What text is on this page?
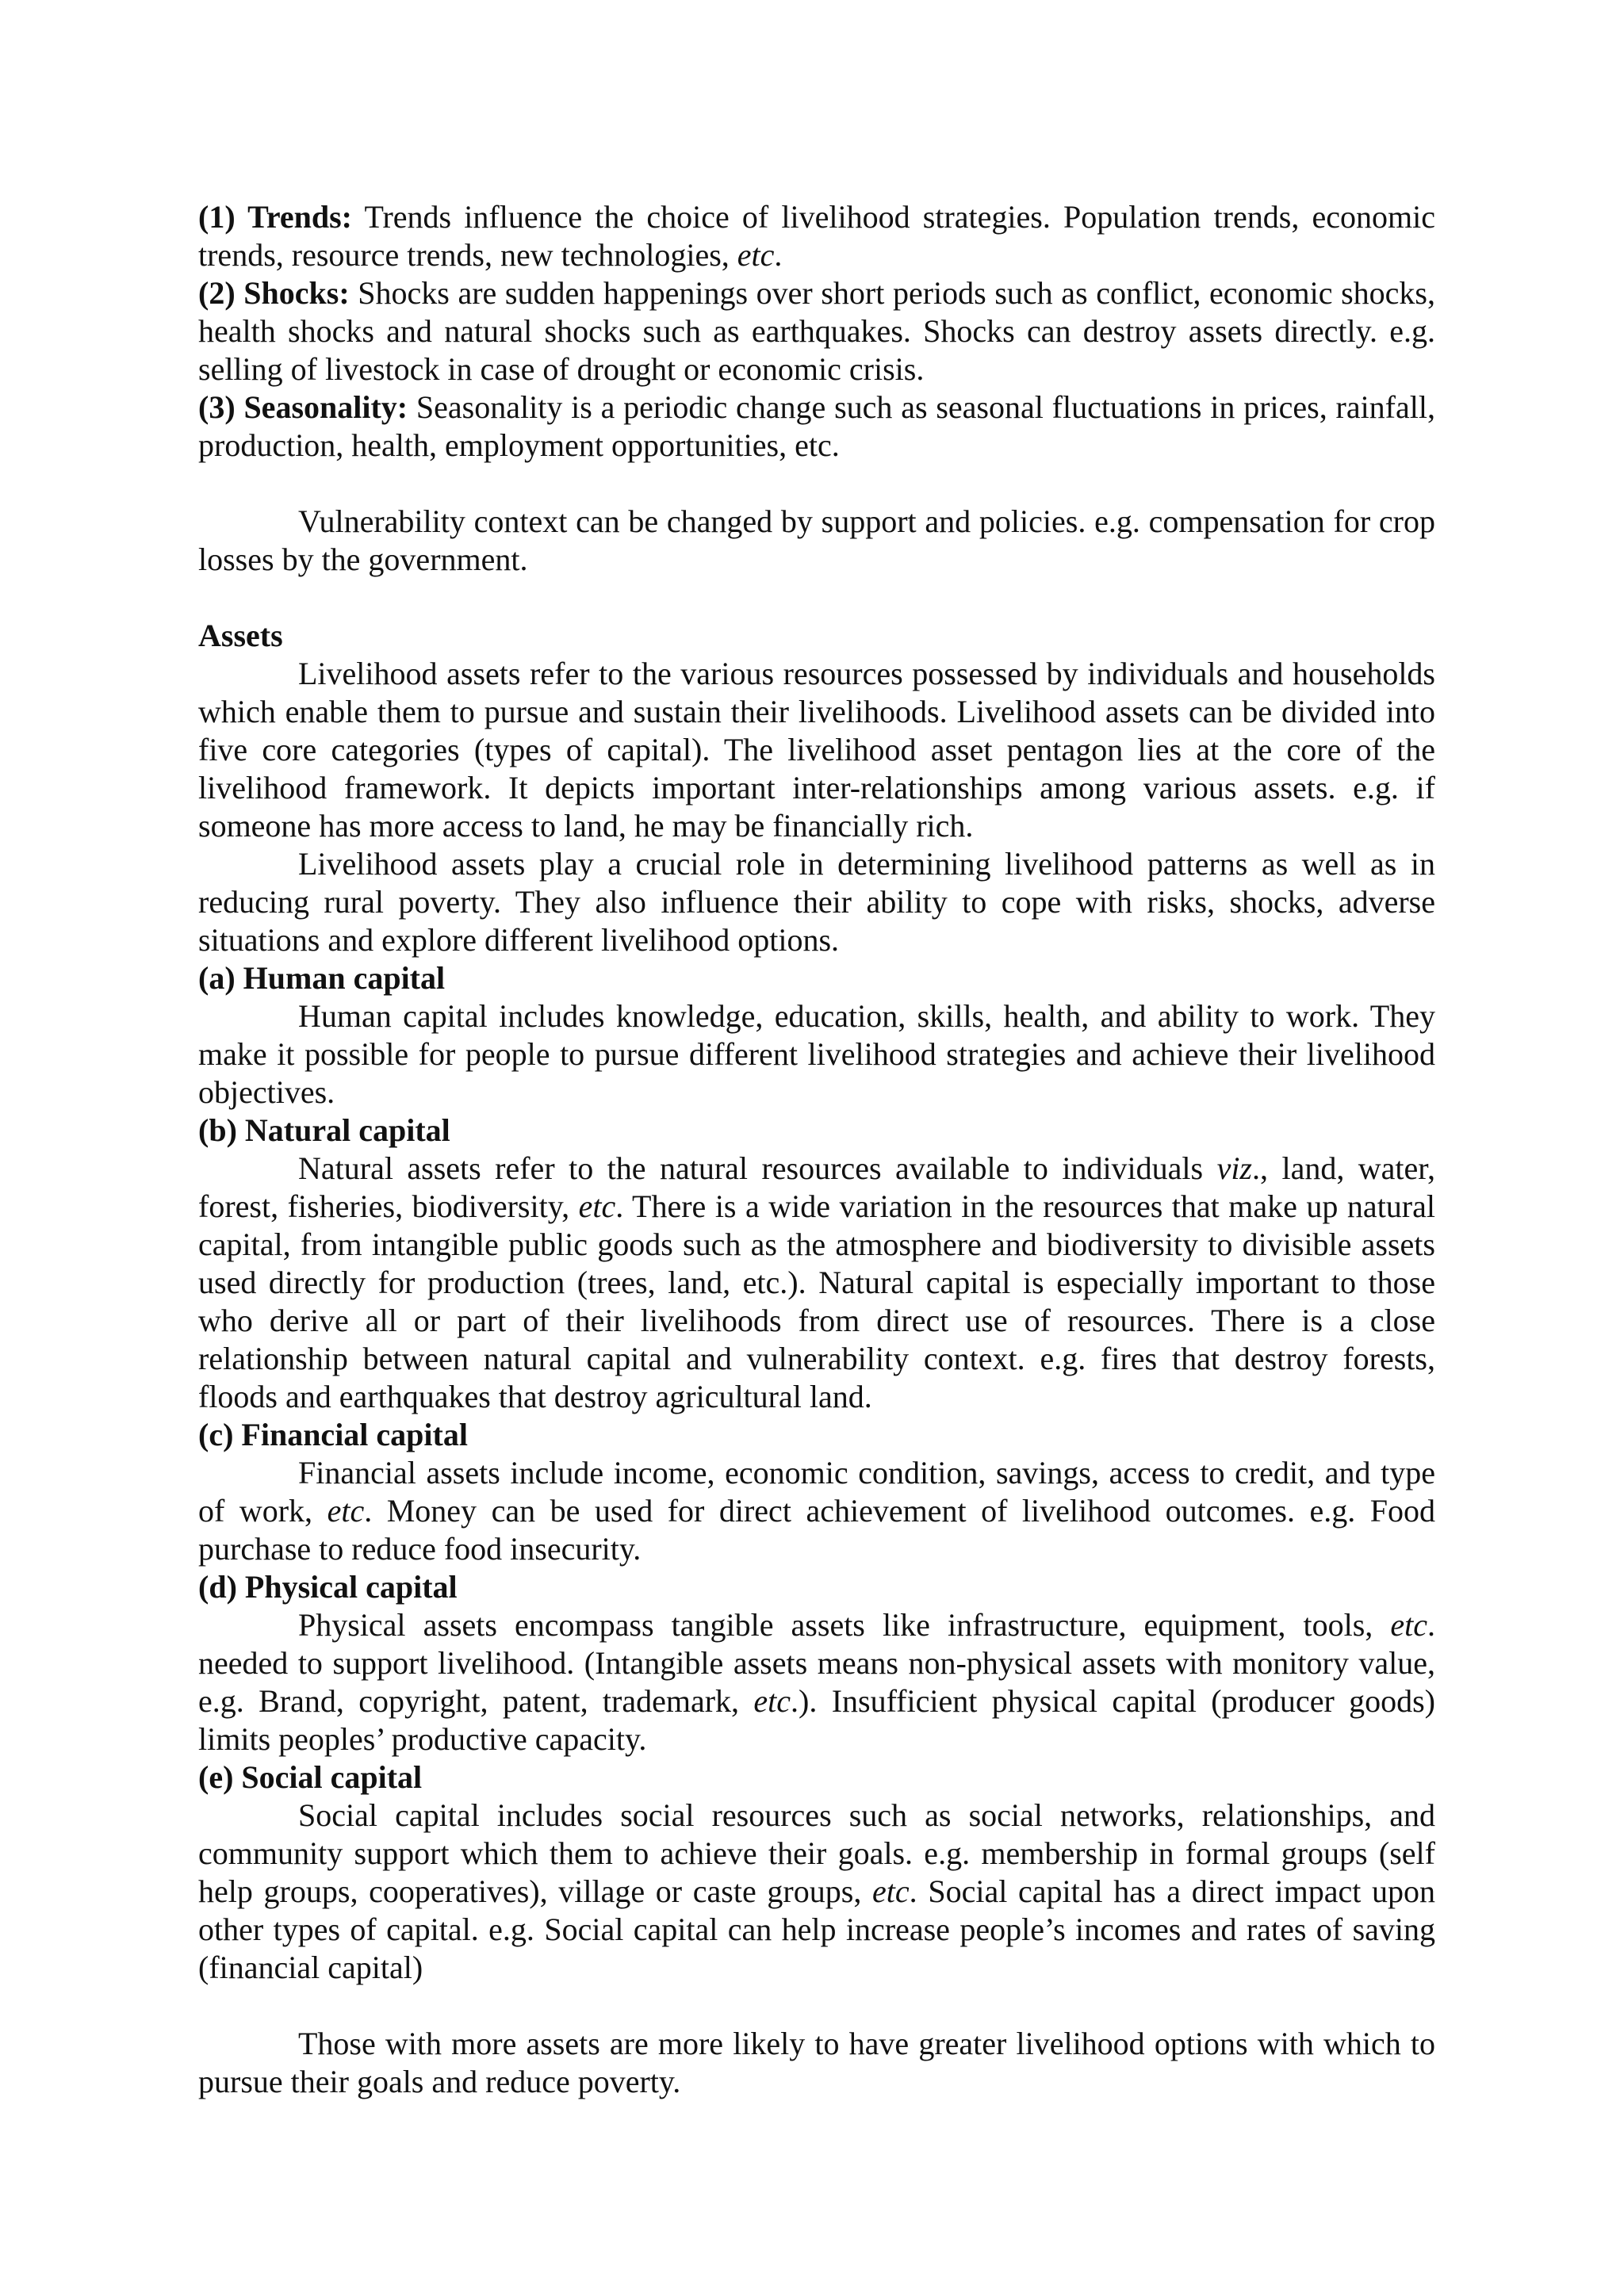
(1) Trends: Trends influence the choice of livelihood strategies. Population trends, economic trends, resource trends, new technologies, etc.

(2) Shocks: Shocks are sudden happenings over short periods such as conflict, economic shocks, health shocks and natural shocks such as earthquakes. Shocks can destroy assets directly. e.g. selling of livestock in case of drought or economic crisis.

(3) Seasonality: Seasonality is a periodic change such as seasonal fluctuations in prices, rainfall, production, health, employment opportunities, etc.

Vulnerability context can be changed by support and policies. e.g. compensation for crop losses by the government.

Assets

Livelihood assets refer to the various resources possessed by individuals and households which enable them to pursue and sustain their livelihoods. Livelihood assets can be divided into five core categories (types of capital). The livelihood asset pentagon lies at the core of the livelihood framework. It depicts important inter-relationships among various assets. e.g. if someone has more access to land, he may be financially rich.

Livelihood assets play a crucial role in determining livelihood patterns as well as in reducing rural poverty. They also influence their ability to cope with risks, shocks, adverse situations and explore different livelihood options.

(a) Human capital

Human capital includes knowledge, education, skills, health, and ability to work. They make it possible for people to pursue different livelihood strategies and achieve their livelihood objectives.

(b) Natural capital

Natural assets refer to the natural resources available to individuals viz., land, water, forest, fisheries, biodiversity, etc. There is a wide variation in the resources that make up natural capital, from intangible public goods such as the atmosphere and biodiversity to divisible assets used directly for production (trees, land, etc.). Natural capital is especially important to those who derive all or part of their livelihoods from direct use of resources. There is a close relationship between natural capital and vulnerability context. e.g. fires that destroy forests, floods and earthquakes that destroy agricultural land.

(c) Financial capital

Financial assets include income, economic condition, savings, access to credit, and type of work, etc. Money can be used for direct achievement of livelihood outcomes. e.g. Food purchase to reduce food insecurity.

(d) Physical capital

Physical assets encompass tangible assets like infrastructure, equipment, tools, etc. needed to support livelihood. (Intangible assets means non-physical assets with monitory value, e.g. Brand, copyright, patent, trademark, etc.). Insufficient physical capital (producer goods) limits peoples’ productive capacity.

(e) Social capital

Social capital includes social resources such as social networks, relationships, and community support which them to achieve their goals. e.g. membership in formal groups (self help groups, cooperatives), village or caste groups, etc. Social capital has a direct impact upon other types of capital. e.g. Social capital can help increase people’s incomes and rates of saving (financial capital)

Those with more assets are more likely to have greater livelihood options with which to pursue their goals and reduce poverty.
